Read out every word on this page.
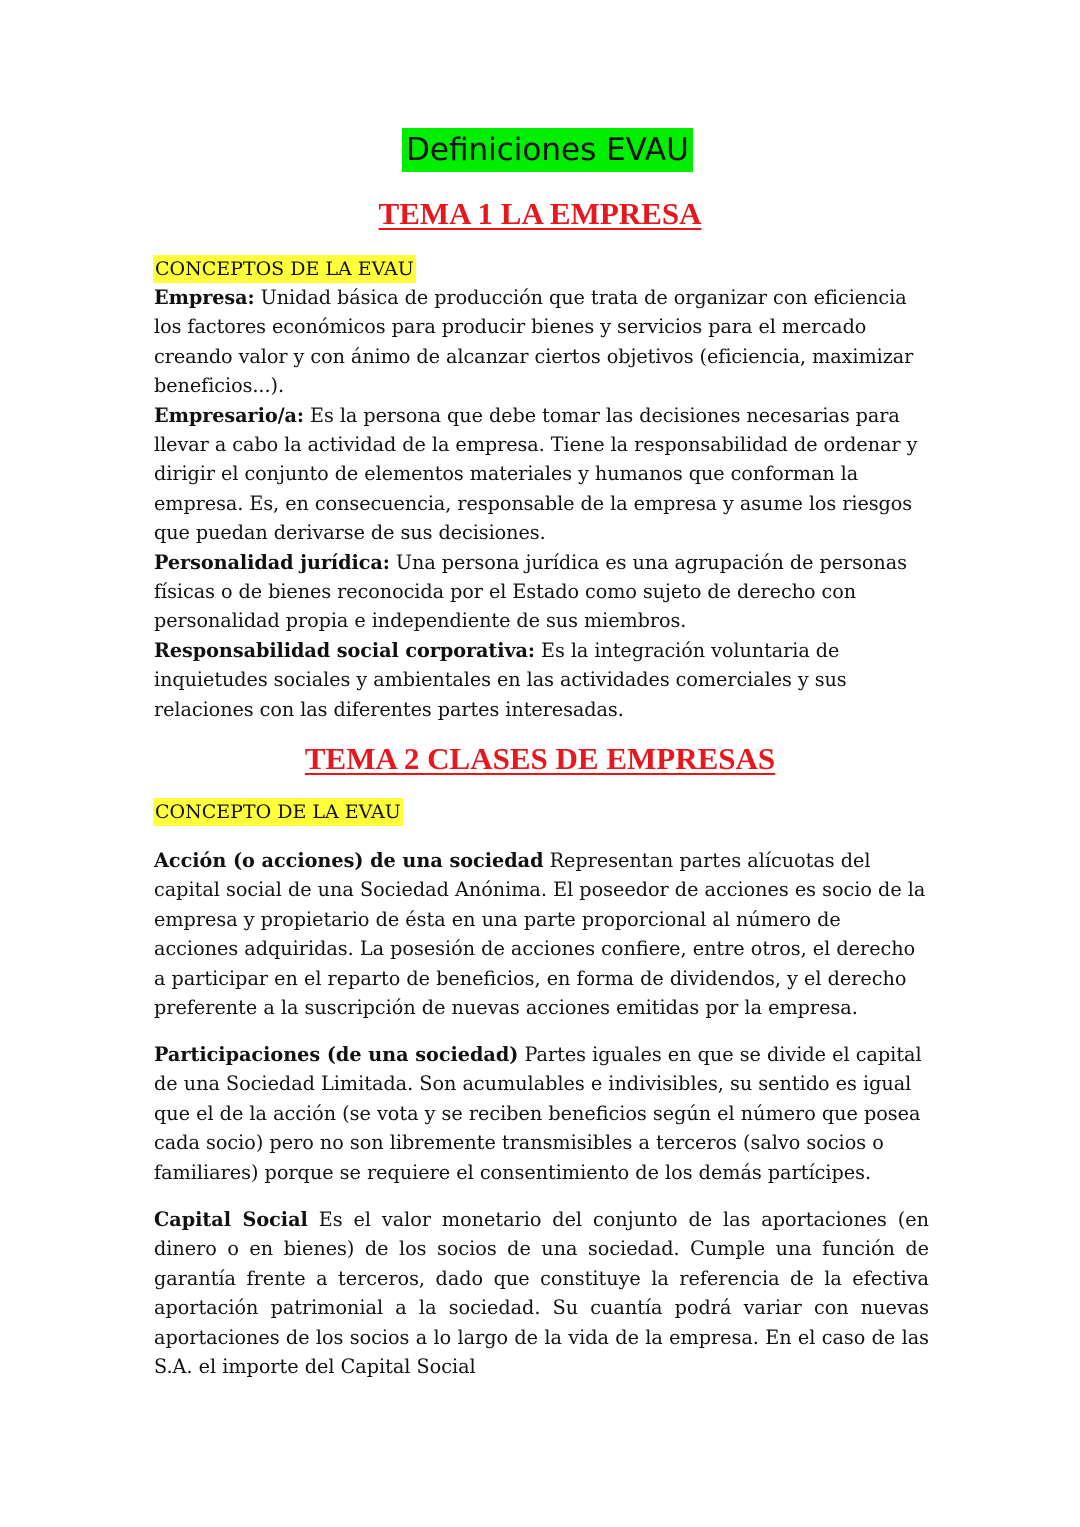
Definiciones EVAU
TEMA 1 LA EMPRESA
CONCEPTOS DE LA EVAU

Empresa: Unidad básica de producción que trata de organizar con eficiencia los factores económicos para producir bienes y servicios para el mercado creando valor y con ánimo de alcanzar ciertos objetivos (eficiencia, maximizar beneficios...).

Empresario/a: Es la persona que debe tomar las decisiones necesarias para llevar a cabo la actividad de la empresa. Tiene la responsabilidad de ordenar y dirigir el conjunto de elementos materiales y humanos que conforman la empresa. Es, en consecuencia, responsable de la empresa y asume los riesgos que puedan derivarse de sus decisiones.

Personalidad jurídica: Una persona jurídica es una agrupación de personas físicas o de bienes reconocida por el Estado como sujeto de derecho con personalidad propia e independiente de sus miembros.

Responsabilidad social corporativa: Es la integración voluntaria de inquietudes sociales y ambientales en las actividades comerciales y sus relaciones con las diferentes partes interesadas.

TEMA 2 CLASES DE EMPRESAS
CONCEPTO DE LA EVAU

Acción (o acciones) de una sociedad Representan partes alícuotas del capital social de una Sociedad Anónima. El poseedor de acciones es socio de la empresa y propietario de ésta en una parte proporcional al número de acciones adquiridas. La posesión de acciones confiere, entre otros, el derecho a participar en el reparto de beneficios, en forma de dividendos, y el derecho preferente a la suscripción de nuevas acciones emitidas por la empresa.

Participaciones (de una sociedad) Partes iguales en que se divide el capital de una Sociedad Limitada. Son acumulables e indivisibles, su sentido es igual que el de la acción (se vota y se reciben beneficios según el número que posea cada socio) pero no son libremente transmisibles a terceros (salvo socios o familiares) porque se requiere el consentimiento de los demás partícipes.

Capital Social Es el valor monetario del conjunto de las aportaciones (en dinero o en bienes) de los socios de una sociedad. Cumple una función de garantía frente a terceros, dado que constituye la referencia de la efectiva aportación patrimonial a la sociedad. Su cuantía podrá variar con nuevas aportaciones de los socios a lo largo de la vida de la empresa. En el caso de las S.A. el importe del Capital Social
